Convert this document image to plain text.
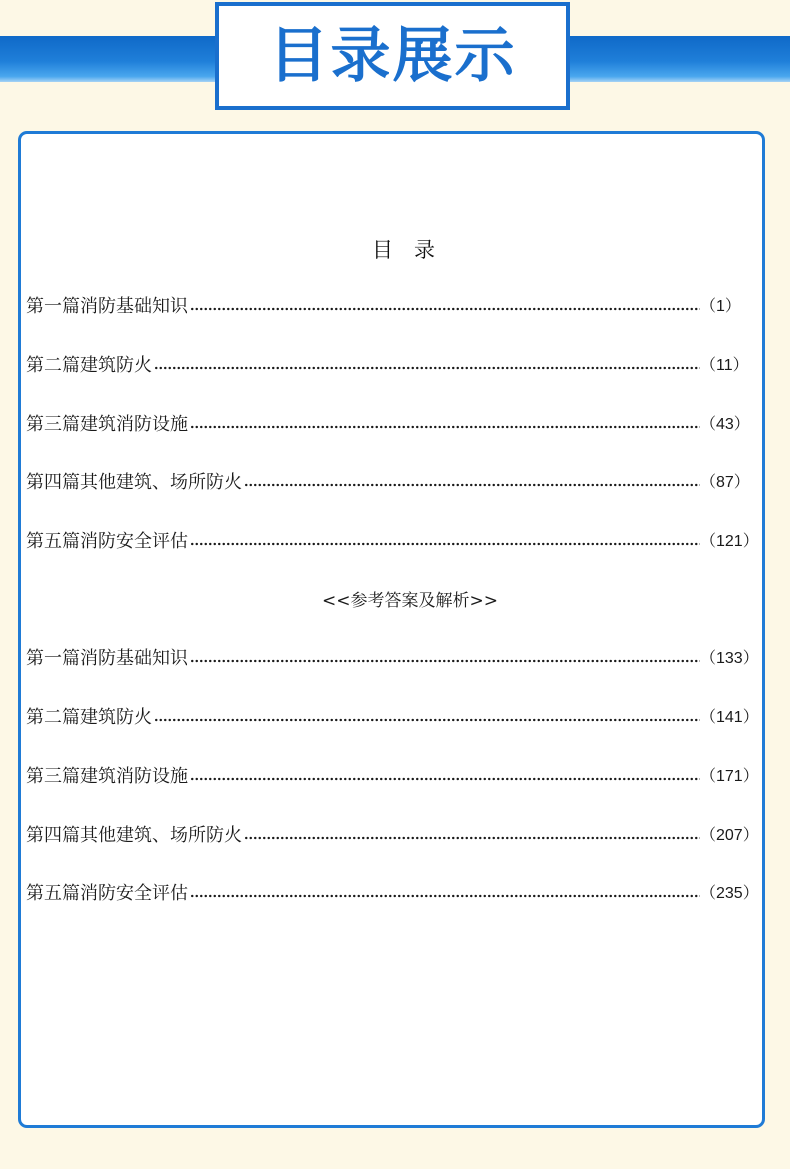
目录展示
目　录
第一篇消防基础知识	（1）
第二篇建筑防火	（11）
第三篇建筑消防设施	（43）
第四篇其他建筑、场所防火	（87）
第五篇消防安全评估	（121）
<<参考答案及解析>>
第一篇消防基础知识	（133）
第二篇建筑防火	（141）
第三篇建筑消防设施	（171）
第四篇其他建筑、场所防火	（207）
第五篇消防安全评估	（235）
